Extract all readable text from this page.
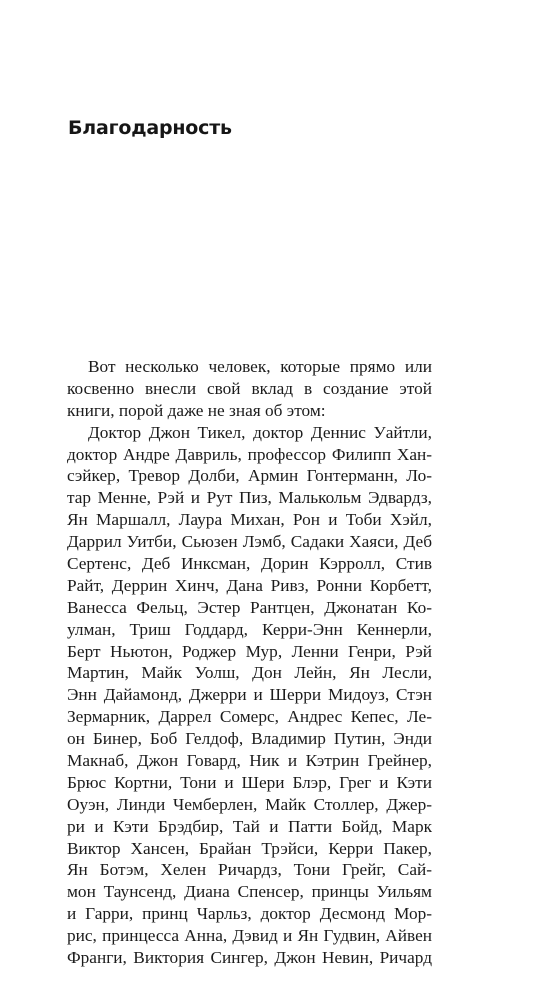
Благодарность
Вот несколько человек, которые прямо или
косвенно внесли свой вклад в создание этой
книги, порой даже не зная об этом:
Доктор Джон Тикел, доктор Деннис Уайтли,
доктор Андре Давриль, профессор Филипп Хан-
сэйкер, Тревор Долби, Армин Гонтерманн, Ло-
тар Менне, Рэй и Рут Пиз, Малькольм Эдвардз,
Ян Маршалл, Лаура Михан, Рон и Тоби Хэйл,
Даррил Уитби, Сьюзен Лэмб, Садаки Хаяси, Деб
Сертенс, Деб Инксман, Дорин Кэрролл, Стив
Райт, Деррин Хинч, Дана Ривз, Ронни Корбетт,
Ванесса Фельц, Эстер Рантцен, Джонатан Ко-
улман, Триш Годдард, Керри-Энн Кеннерли,
Берт Ньютон, Роджер Мур, Ленни Генри, Рэй
Мартин, Майк Уолш, Дон Лейн, Ян Лесли,
Энн Дайамонд, Джерри и Шерри Мидоуз, Стэн
Зермарник, Даррел Сомерс, Андрес Кепес, Ле-
он Бинер, Боб Гелдоф, Владимир Путин, Энди
Макнаб, Джон Говард, Ник и Кэтрин Грейнер,
Брюс Кортни, Тони и Шери Блэр, Грег и Кэти
Оуэн, Линди Чемберлен, Майк Столлер, Джер-
ри и Кэти Брэдбир, Тай и Патти Бойд, Марк
Виктор Хансен, Брайан Трэйси, Керри Пакер,
Ян Ботэм, Хелен Ричардз, Тони Грейг, Сай-
мон Таунсенд, Диана Спенсер, принцы Уильям
и Гарри, принц Чарльз, доктор Десмонд Мор-
рис, принцесса Анна, Дэвид и Ян Гудвин, Айвен
Франги, Виктория Сингер, Джон Невин, Ричард
